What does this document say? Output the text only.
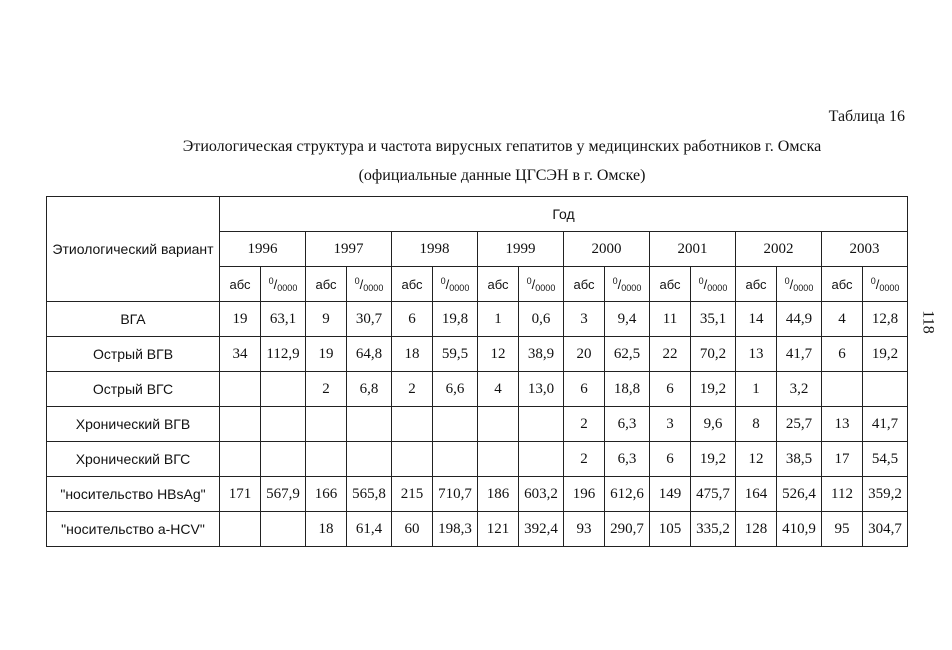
Таблица 16
Этиологическая структура и частота вирусных гепатитов у медицинских работников г. Омска
(официальные данные ЦГСЭН в г. Омске)
118
Этиологический вариант	Год															
	1996		1997		1998		1999		2000		2001		2002		2003	
	абс	$^0/_{0000}$	абс	$^0/_{0000}$	абс	$^0/_{0000}$	абс	$^0/_{0000}$	абс	$^0/_{0000}$	абс	$^0/_{0000}$	абс	$^0/_{0000}$	абс	$^0/_{0000}$
ВГА	19	63,1	9	30,7	6	19,8	1	0,6	3	9,4	11	35,1	14	44,9	4	12,8
Острый ВГВ	34	112,9	19	64,8	18	59,5	12	38,9	20	62,5	22	70,2	13	41,7	6	19,2
Острый ВГС			2	6,8	2	6,6	4	13,0	6	18,8	6	19,2	1	3,2		
Хронический ВГВ									2	6,3	3	9,6	8	25,7	13	41,7
Хронический ВГС									2	6,3	6	19,2	12	38,5	17	54,5
"носительство HBsAg"	171	567,9	166	565,8	215	710,7	186	603,2	196	612,6	149	475,7	164	526,4	112	359,2
"носительство а-HCV"			18	61,4	60	198,3	121	392,4	93	290,7	105	335,2	128	410,9	95	304,7
